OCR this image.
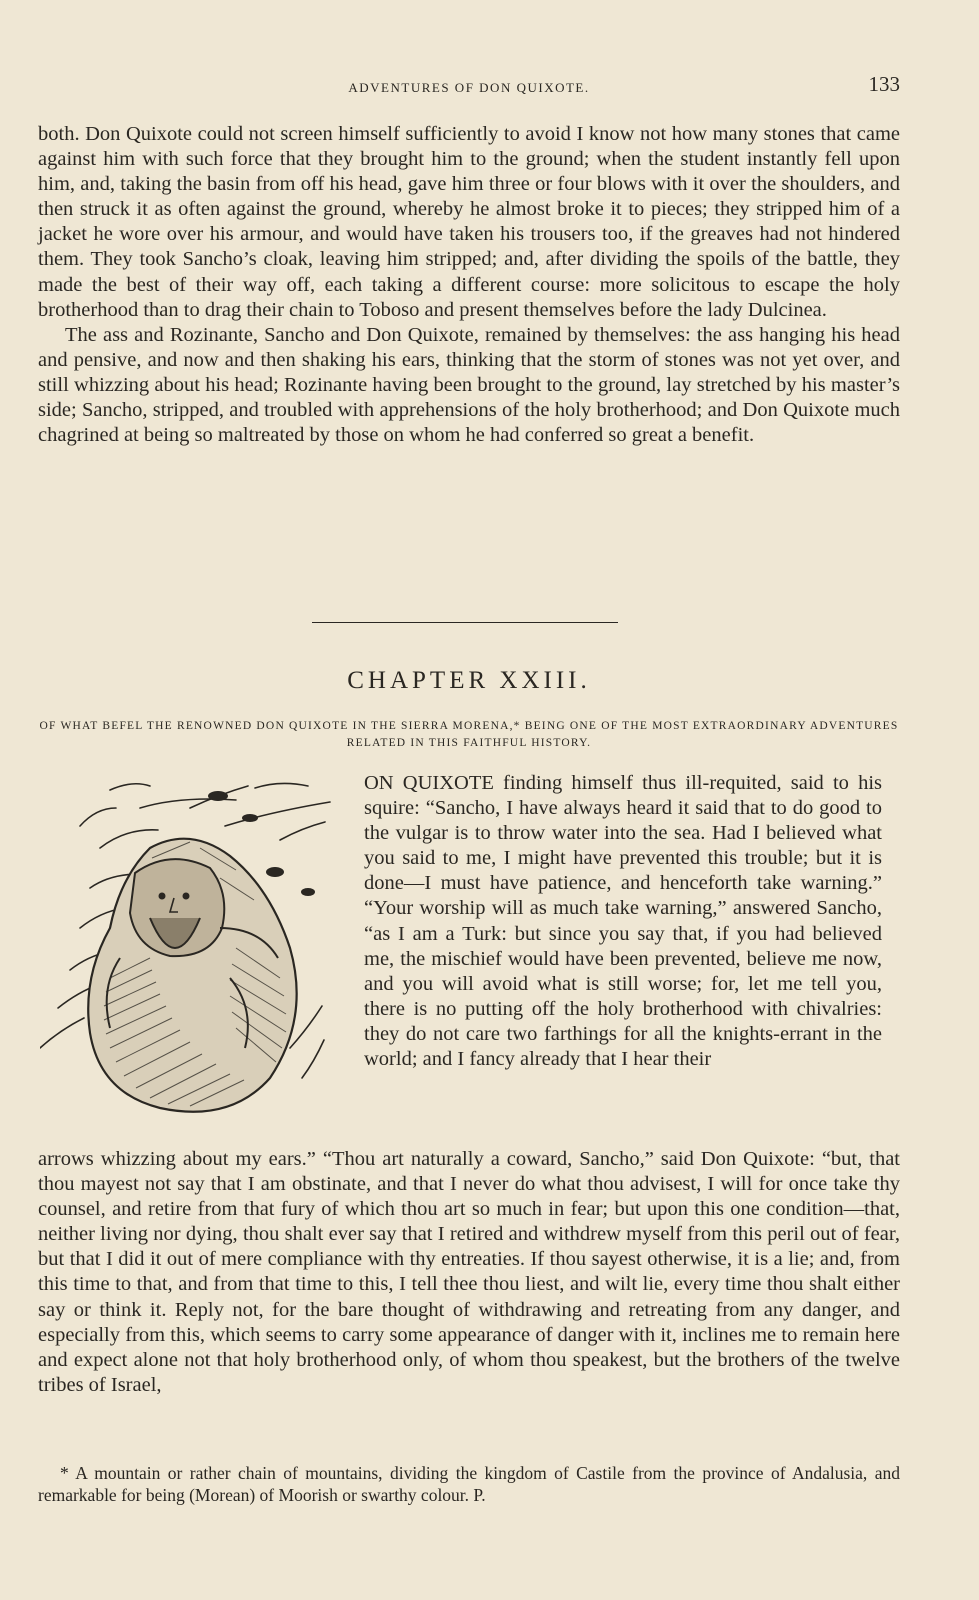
ADVENTURES OF DON QUIXOTE.	133

both. Don Quixote could not screen himself sufficiently to avoid I know not how many stones that came against him with such force that they brought him to the ground; when the student instantly fell upon him, and, taking the basin from off his head, gave him three or four blows with it over the shoulders, and then struck it as often against the ground, whereby he almost broke it to pieces; they stripped him of a jacket he wore over his armour, and would have taken his trousers too, if the greaves had not hindered them. They took Sancho’s cloak, leaving him stripped; and, after dividing the spoils of the battle, they made the best of their way off, each taking a different course: more solicitous to escape the holy brotherhood than to drag their chain to Toboso and present themselves before the lady Dulcinea.

The ass and Rozinante, Sancho and Don Quixote, remained by themselves: the ass hanging his head and pensive, and now and then shaking his ears, thinking that the storm of stones was not yet over, and still whizzing about his head; Rozinante having been brought to the ground, lay stretched by his master’s side; Sancho, stripped, and troubled with apprehensions of the holy brotherhood; and Don Quixote much chagrined at being so maltreated by those on whom he had conferred so great a benefit.

CHAPTER XXIII.
OF WHAT BEFEL THE RENOWNED DON QUIXOTE IN THE SIERRA MORENA,* BEING ONE OF THE MOST EXTRAORDINARY ADVENTURES RELATED IN THIS FAITHFUL HISTORY.
ON QUIXOTE finding himself thus ill-requited, said to his squire: “Sancho, I have always heard it said that to do good to the vulgar is to throw water into the sea. Had I believed what you said to me, I might have prevented this trouble; but it is done—I must have patience, and henceforth take warning.” “Your worship will as much take warning,” answered Sancho, “as I am a Turk: but since you say that, if you had believed me, the mischief would have been prevented, believe me now, and you will avoid what is still worse; for, let me tell you, there is no putting off the holy brotherhood with chivalries: they do not care two farthings for all the knights-errant in the world; and I fancy already that I hear their

arrows whizzing about my ears.” “Thou art naturally a coward, Sancho,” said Don Quixote: “but, that thou mayest not say that I am obstinate, and that I never do what thou advisest, I will for once take thy counsel, and retire from that fury of which thou art so much in fear; but upon this one condition—that, neither living nor dying, thou shalt ever say that I retired and withdrew myself from this peril out of fear, but that I did it out of mere compliance with thy entreaties. If thou sayest otherwise, it is a lie; and, from this time to that, and from that time to this, I tell thee thou liest, and wilt lie, every time thou shalt either say or think it. Reply not, for the bare thought of withdrawing and retreating from any danger, and especially from this, which seems to carry some appearance of danger with it, inclines me to remain here and expect alone not that holy brotherhood only, of whom thou speakest, but the brothers of the twelve tribes of Israel,

* A mountain or rather chain of mountains, dividing the kingdom of Castile from the province of Andalusia, and remarkable for being (Morean) of Moorish or swarthy colour. P.
